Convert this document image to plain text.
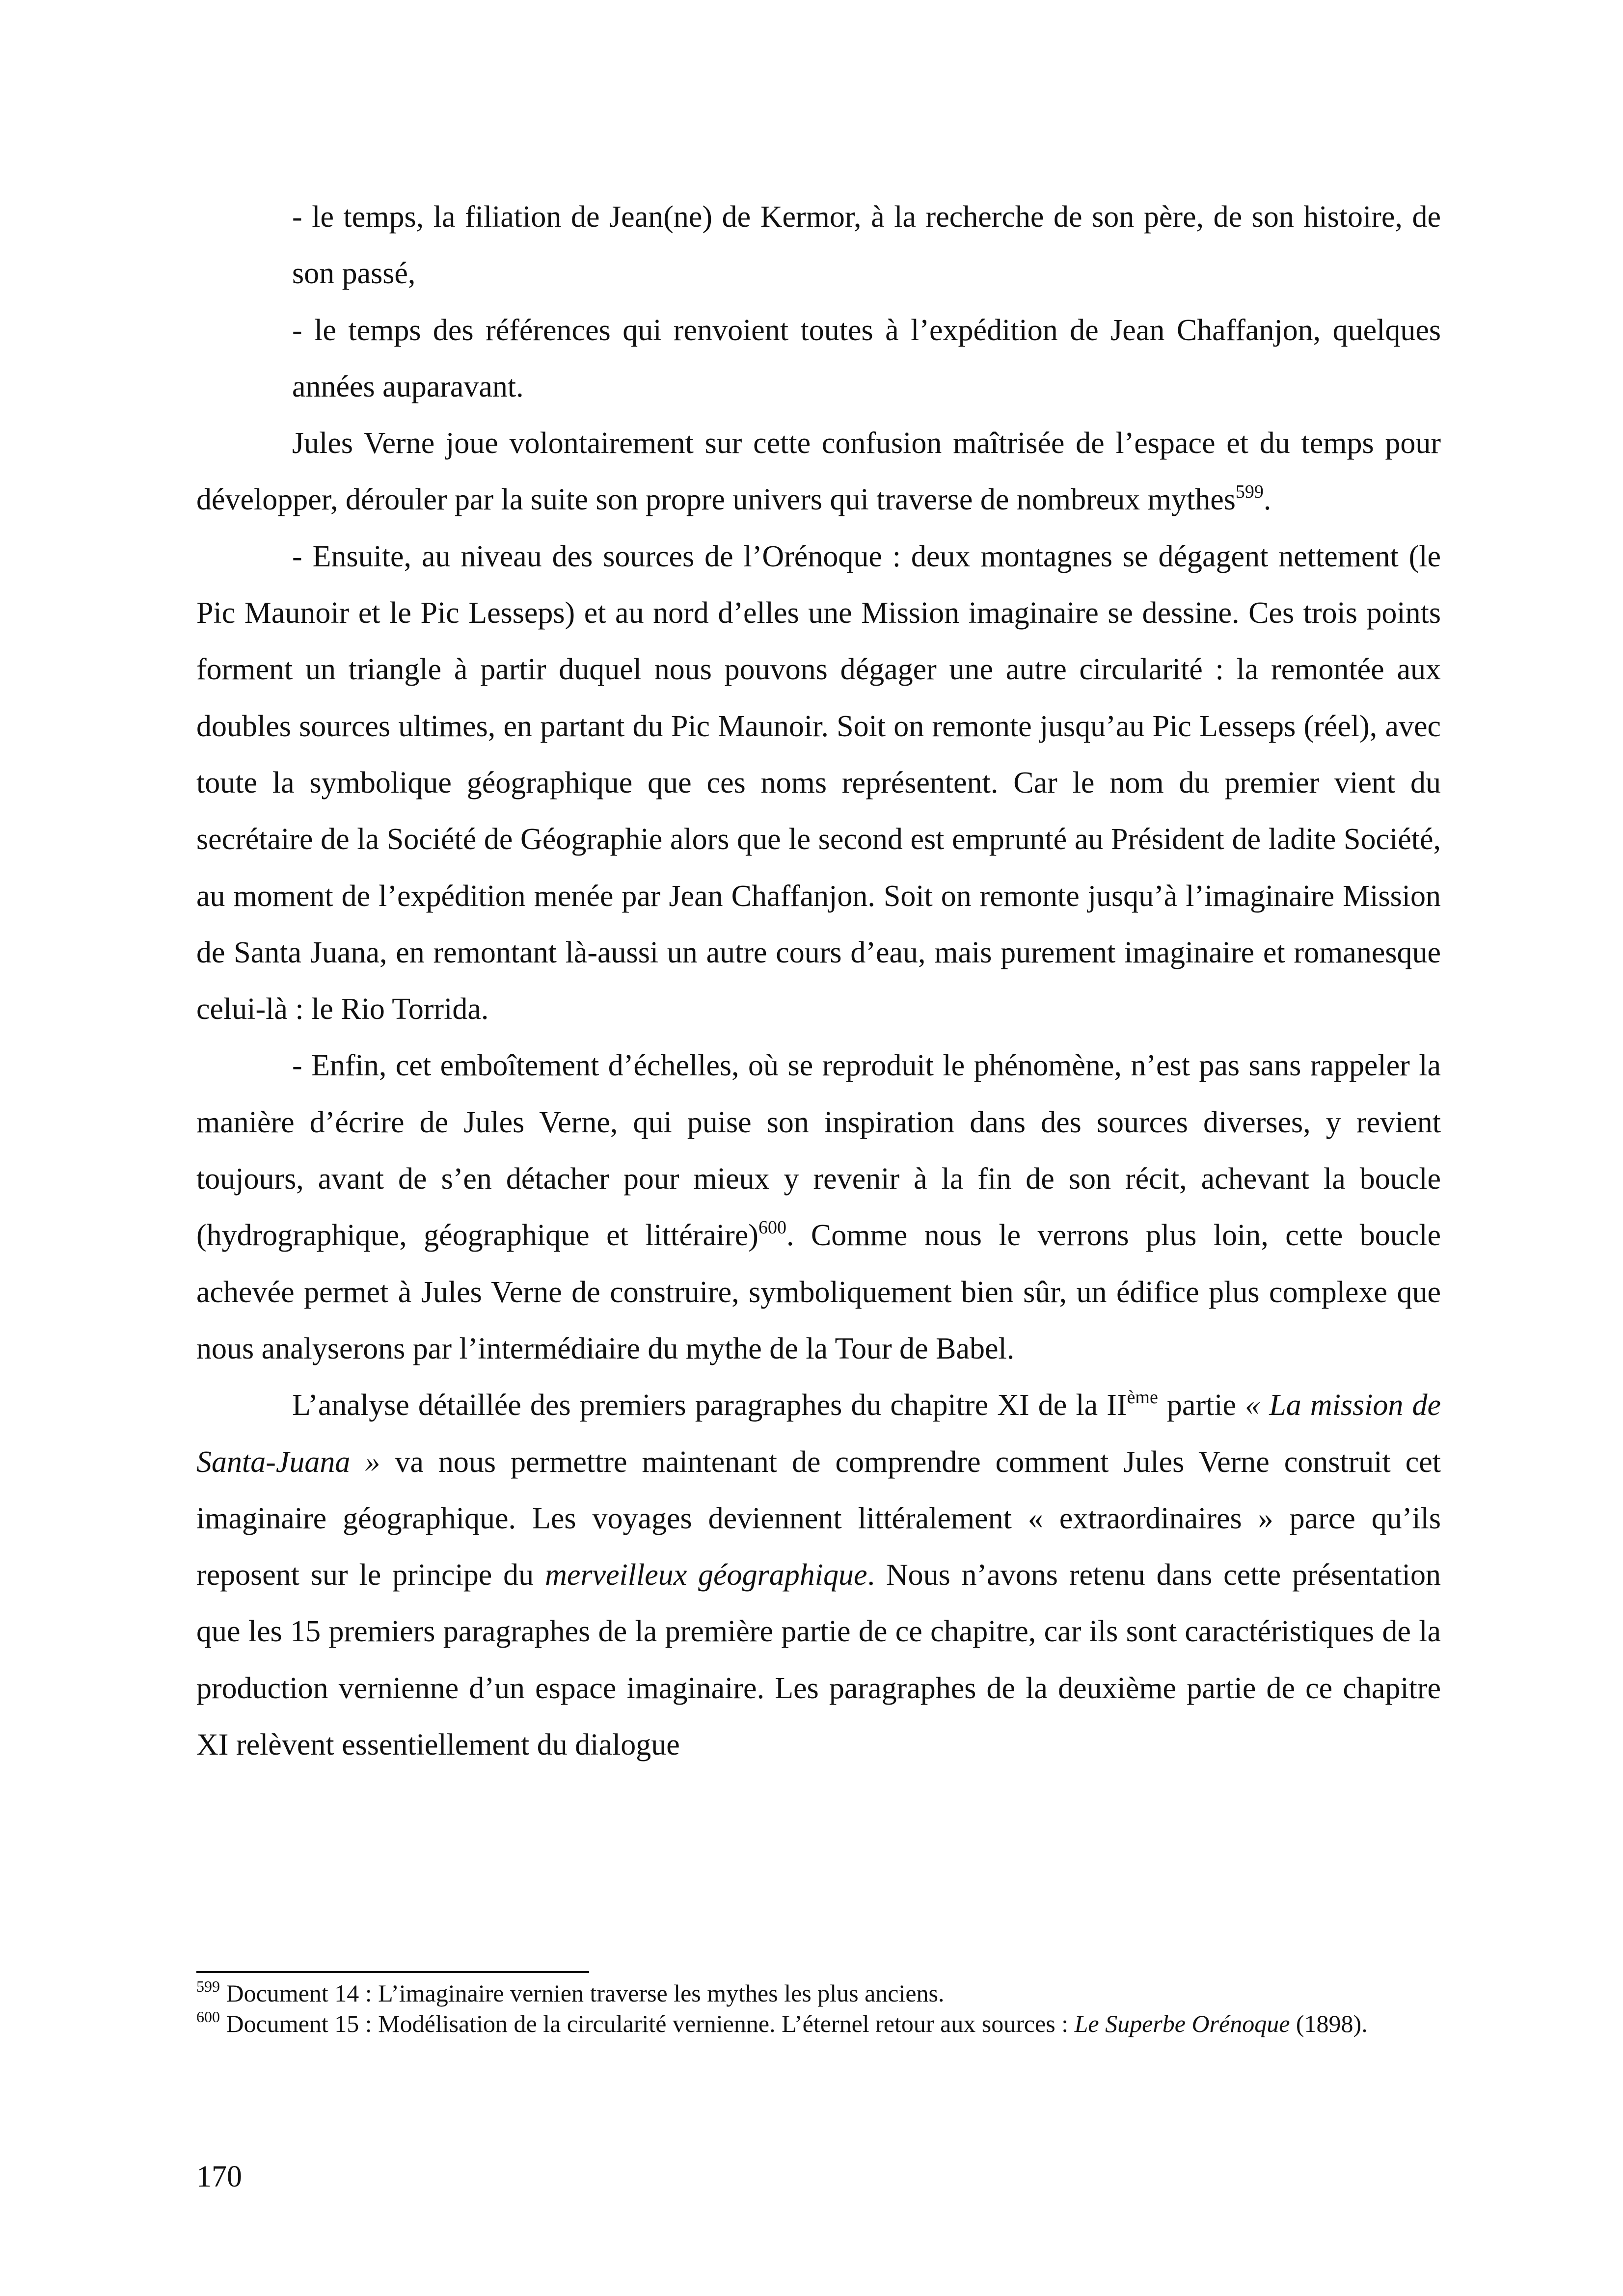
- le temps, la filiation de Jean(ne) de Kermor, à la recherche de son père, de son histoire, de son passé,

- le temps des références qui renvoient toutes à l’expédition de Jean Chaffanjon, quelques années auparavant.

Jules Verne joue volontairement sur cette confusion maîtrisée de l’espace et du temps pour développer, dérouler par la suite son propre univers qui traverse de nombreux mythes$^{599}$.

- Ensuite, au niveau des sources de l’Orénoque : deux montagnes se dégagent nettement (le Pic Maunoir et le Pic Lesseps) et au nord d’elles une Mission imaginaire se dessine. Ces trois points forment un triangle à partir duquel nous pouvons dégager une autre circularité : la remontée aux doubles sources ultimes, en partant du Pic Maunoir. Soit on remonte jusqu’au Pic Lesseps (réel), avec toute la symbolique géographique que ces noms représentent. Car le nom du premier vient du secrétaire de la Société de Géographie alors que le second est emprunté au Président de ladite Société, au moment de l’expédition menée par Jean Chaffanjon. Soit on remonte jusqu’à l’imaginaire Mission de Santa Juana, en remontant là-aussi un autre cours d’eau, mais purement imaginaire et romanesque celui-là : le Rio Torrida.

- Enfin, cet emboîtement d’échelles, où se reproduit le phénomène, n’est pas sans rappeler la manière d’écrire de Jules Verne, qui puise son inspiration dans des sources diverses, y revient toujours, avant de s’en détacher pour mieux y revenir à la fin de son récit, achevant la boucle (hydrographique, géographique et littéraire)$^{600}$. Comme nous le verrons plus loin, cette boucle achevée permet à Jules Verne de construire, symboliquement bien sûr, un édifice plus complexe que nous analyserons par l’intermédiaire du mythe de la Tour de Babel.

L’analyse détaillée des premiers paragraphes du chapitre XI de la IIème partie « La mission de Santa-Juana » va nous permettre maintenant de comprendre comment Jules Verne construit cet imaginaire géographique. Les voyages deviennent littéralement « extraordinaires » parce qu’ils reposent sur le principe du merveilleux géographique. Nous n’avons retenu dans cette présentation que les 15 premiers paragraphes de la première partie de ce chapitre, car ils sont caractéristiques de la production vernienne d’un espace imaginaire. Les paragraphes de la deuxième partie de ce chapitre XI relèvent essentiellement du dialogue

$^{599}$ Document 14 : L’imaginaire vernien traverse les mythes les plus anciens.

$^{600}$ Document 15 : Modélisation de la circularité vernienne. L’éternel retour aux sources : Le Superbe Orénoque (1898).

170
